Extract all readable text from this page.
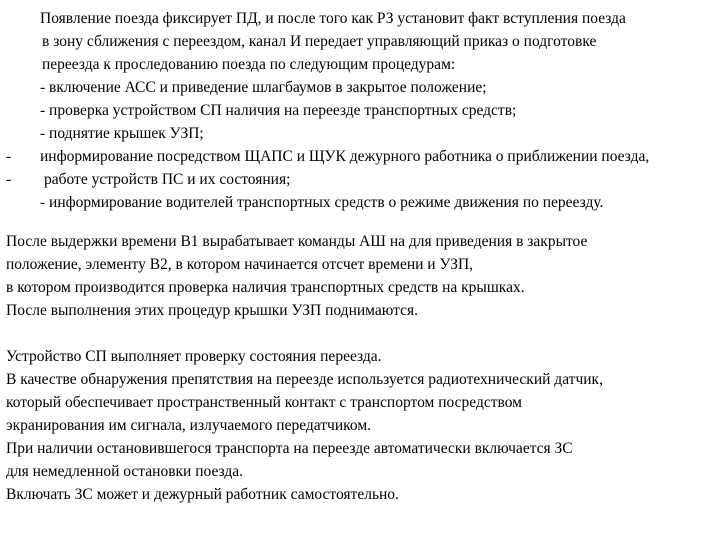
Появление поезда фиксирует ПД, и после того как РЗ установит факт вступления поезда
в зону сближения с переездом, канал И передает управляющий приказ о подготовке
переезда к проследованию поезда по следующим процедурам:
- включение АСС и приведение шлагбаумов в закрытое положение;
- проверка устройством СП наличия на переезде транспортных средств;
- поднятие крышек УЗП;
- информирование посредством ЩАПС и ЩУК дежурного работника о приближении поезда,
- работе устройств ПС и их состояния;
- информирование водителей транспортных средств о режиме движения по переезду.
После выдержки времени В1 вырабатывает команды АШ на для приведения в закрытое
положение, элементу В2, в котором начинается отсчет времени и УЗП,
в котором производится проверка наличия транспортных средств на крышках.
После выполнения этих процедур крышки УЗП поднимаются.
Устройство СП выполняет проверку состояния переезда.
В качестве обнаружения препятствия на переезде используется радиотехнический датчик,
который обеспечивает пространственный контакт с транспортом посредством
экранирования им сигнала, излучаемого передатчиком.
При наличии остановившегося транспорта на переезде автоматически включается ЗС
для немедленной остановки поезда.
Включать ЗС может и дежурный работник самостоятельно.
